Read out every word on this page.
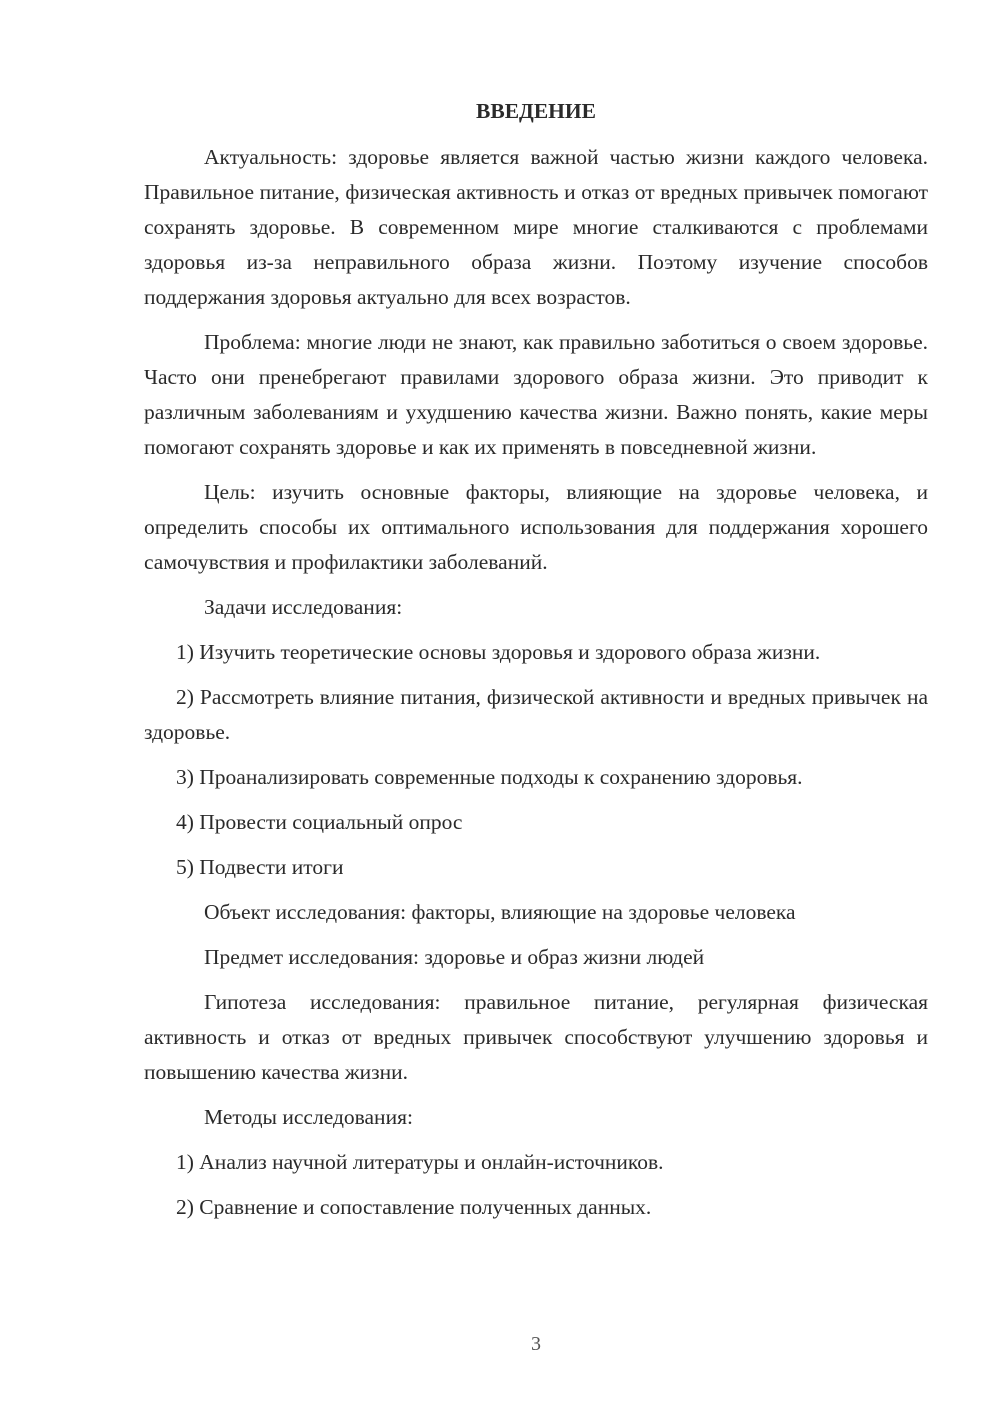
ВВЕДЕНИЕ

Актуальность: здоровье является важной частью жизни каждого человека. Правильное питание, физическая активность и отказ от вредных привычек помогают сохранять здоровье. В современном мире многие сталкиваются с проблемами здоровья из-за неправильного образа жизни. Поэтому изучение способов поддержания здоровья актуально для всех возрастов.

Проблема: многие люди не знают, как правильно заботиться о своем здоровье. Часто они пренебрегают правилами здорового образа жизни. Это приводит к различным заболеваниям и ухудшению качества жизни. Важно понять, какие меры помогают сохранять здоровье и как их применять в повседневной жизни.

Цель: изучить основные факторы, влияющие на здоровье человека, и определить способы их оптимального использования для поддержания хорошего самочувствия и профилактики заболеваний.

Задачи исследования:

1) Изучить теоретические основы здоровья и здорового образа жизни.

2) Рассмотреть влияние питания, физической активности и вредных привычек на здоровье.

3) Проанализировать современные подходы к сохранению здоровья.

4) Провести социальный опрос

5) Подвести итоги

Объект исследования: факторы, влияющие на здоровье человека

Предмет исследования: здоровье и образ жизни людей

Гипотеза исследования: правильное питание, регулярная физическая активность и отказ от вредных привычек способствуют улучшению здоровья и повышению качества жизни.

Методы исследования:

1) Анализ научной литературы и онлайн-источников.

2) Сравнение и сопоставление полученных данных.

3
